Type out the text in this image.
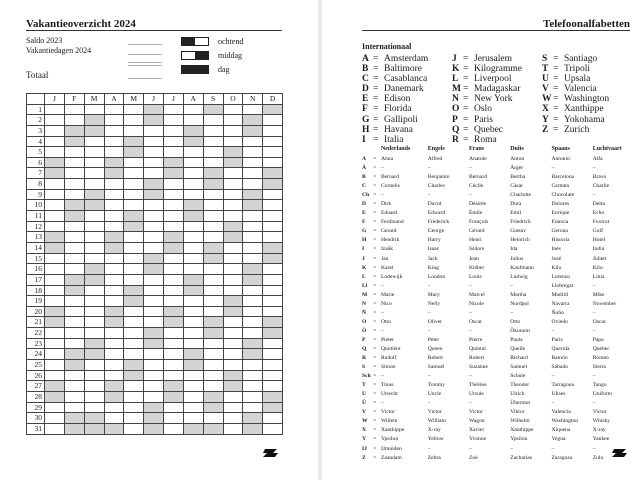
Vakantieoverzicht 2024
Saldo 2023
Vakantiedagen 2024
Totaal
ochtend
middag
dag
J	F	M	A	M	J	J	A	S	O	N	D
1
2
3
4
5
6
7
8
9
10
11
12
13
14
15
16
17
18
19
20
21
22
23
24
25
26
27
28
29
30
31
Telefoonalfabetten
Internationaal
A = Amsterdam
B = Baltimore
C = Casablanca
D = Danemark
E = Edison
F = Florida
G = Gallipoli
H = Havana
I = Italia
J = Jerusalem
K = Kilogramme
L = Liverpool
M = Madagaskar
N = New York
O = Oslo
P = Paris
Q = Quebec
R = Roma
S = Santiago
T = Tripoli
U = Upsala
V = Valencia
W = Washington
X = Xanthippe
Y = Yokohama
Z = Zurich
		Nederlands	Engels	Frans	Duits	Spaans	Luchtvaart
A	=	Anna	Alfred	Anatole	Anton	Antonio	Alfa
Ä	=	–	–	–	Ärger	–	–
B	=	Bernard	Benjamin	Bernard	Bertha	Barcelona	Bravo
C	=	Cornelis	Charles	Cécile	Cäsar	Carmen	Charlie
Ch	=	–	–	–	Charlotte	Chocolate	–
D	=	Dirk	David	Désirée	Dora	Dolores	Delta
E	=	Eduard	Edward	Émile	Emil	Enrique	Echo
F	=	Ferdinand	Frederick	François	Friedrich	Francia	Foxtrot
G	=	Gerard	George	Gérard	Gustav	Gerona	Golf
H	=	Hendrik	Harry	Henri	Heinrich	Historia	Hotel
I	=	Izaäk	Isaac	Isidore	Ida	Inés	India
J	=	Jan	Jack	Jean	Julius	José	Juliett
K	=	Karel	King	Kléber	Kaufmann	Kilo	Kilo
L	=	Lodewijk	London	Louis	Ludwig	Lorenzo	Lima
Ll	=	–	–	–	–	Llobregat	–
M	=	Marie	Mary	Marcel	Martha	Madrid	Mike
N	=	Nico	Nelly	Nicole	Nordpol	Navarra	November
Ñ	=	–	–	–	–	Ñoño	–
O	=	Otto	Oliver	Oscar	Otto	Oviedo	Oscar
Ö	=	–	–	–	Ökonom	–	–
P	=	Pieter	Peter	Pierre	Paula	Paris	Papa
Q	=	Quotiënt	Queen	Quintal	Quelle	Querida	Quebec
R	=	Rudolf	Robert	Robert	Richard	Ramón	Romeo
S	=	Simon	Samuel	Suzanne	Samuel	Sábado	Sierra
Sch	=	–	–	–	Schule	–	–
T	=	Tinus	Tommy	Thérèse	Theodor	Tarragona	Tango
U	=	Utrecht	Uncle	Ursule	Ulrich	Ulises	Uniform
Ü	=	–	–	–	Übermut	–	–
V	=	Victor	Victor	Victor	Viktor	Valencia	Victor
W	=	Willem	William	Wagon	Wilhelm	Washington	Whisky
X	=	Xanthippe	X-ray	Xavier	Xanthippe	Xiquena	X-ray
Y	=	Ypsilon	Yellow	Yvonne	Ypsilon	Yegua	Yankee
IJ	=	IJmuiden	–	–	–	–	–
Z	=	Zaandam	Zebra	Zoé	Zacharias	Zaragoza	Zulu
